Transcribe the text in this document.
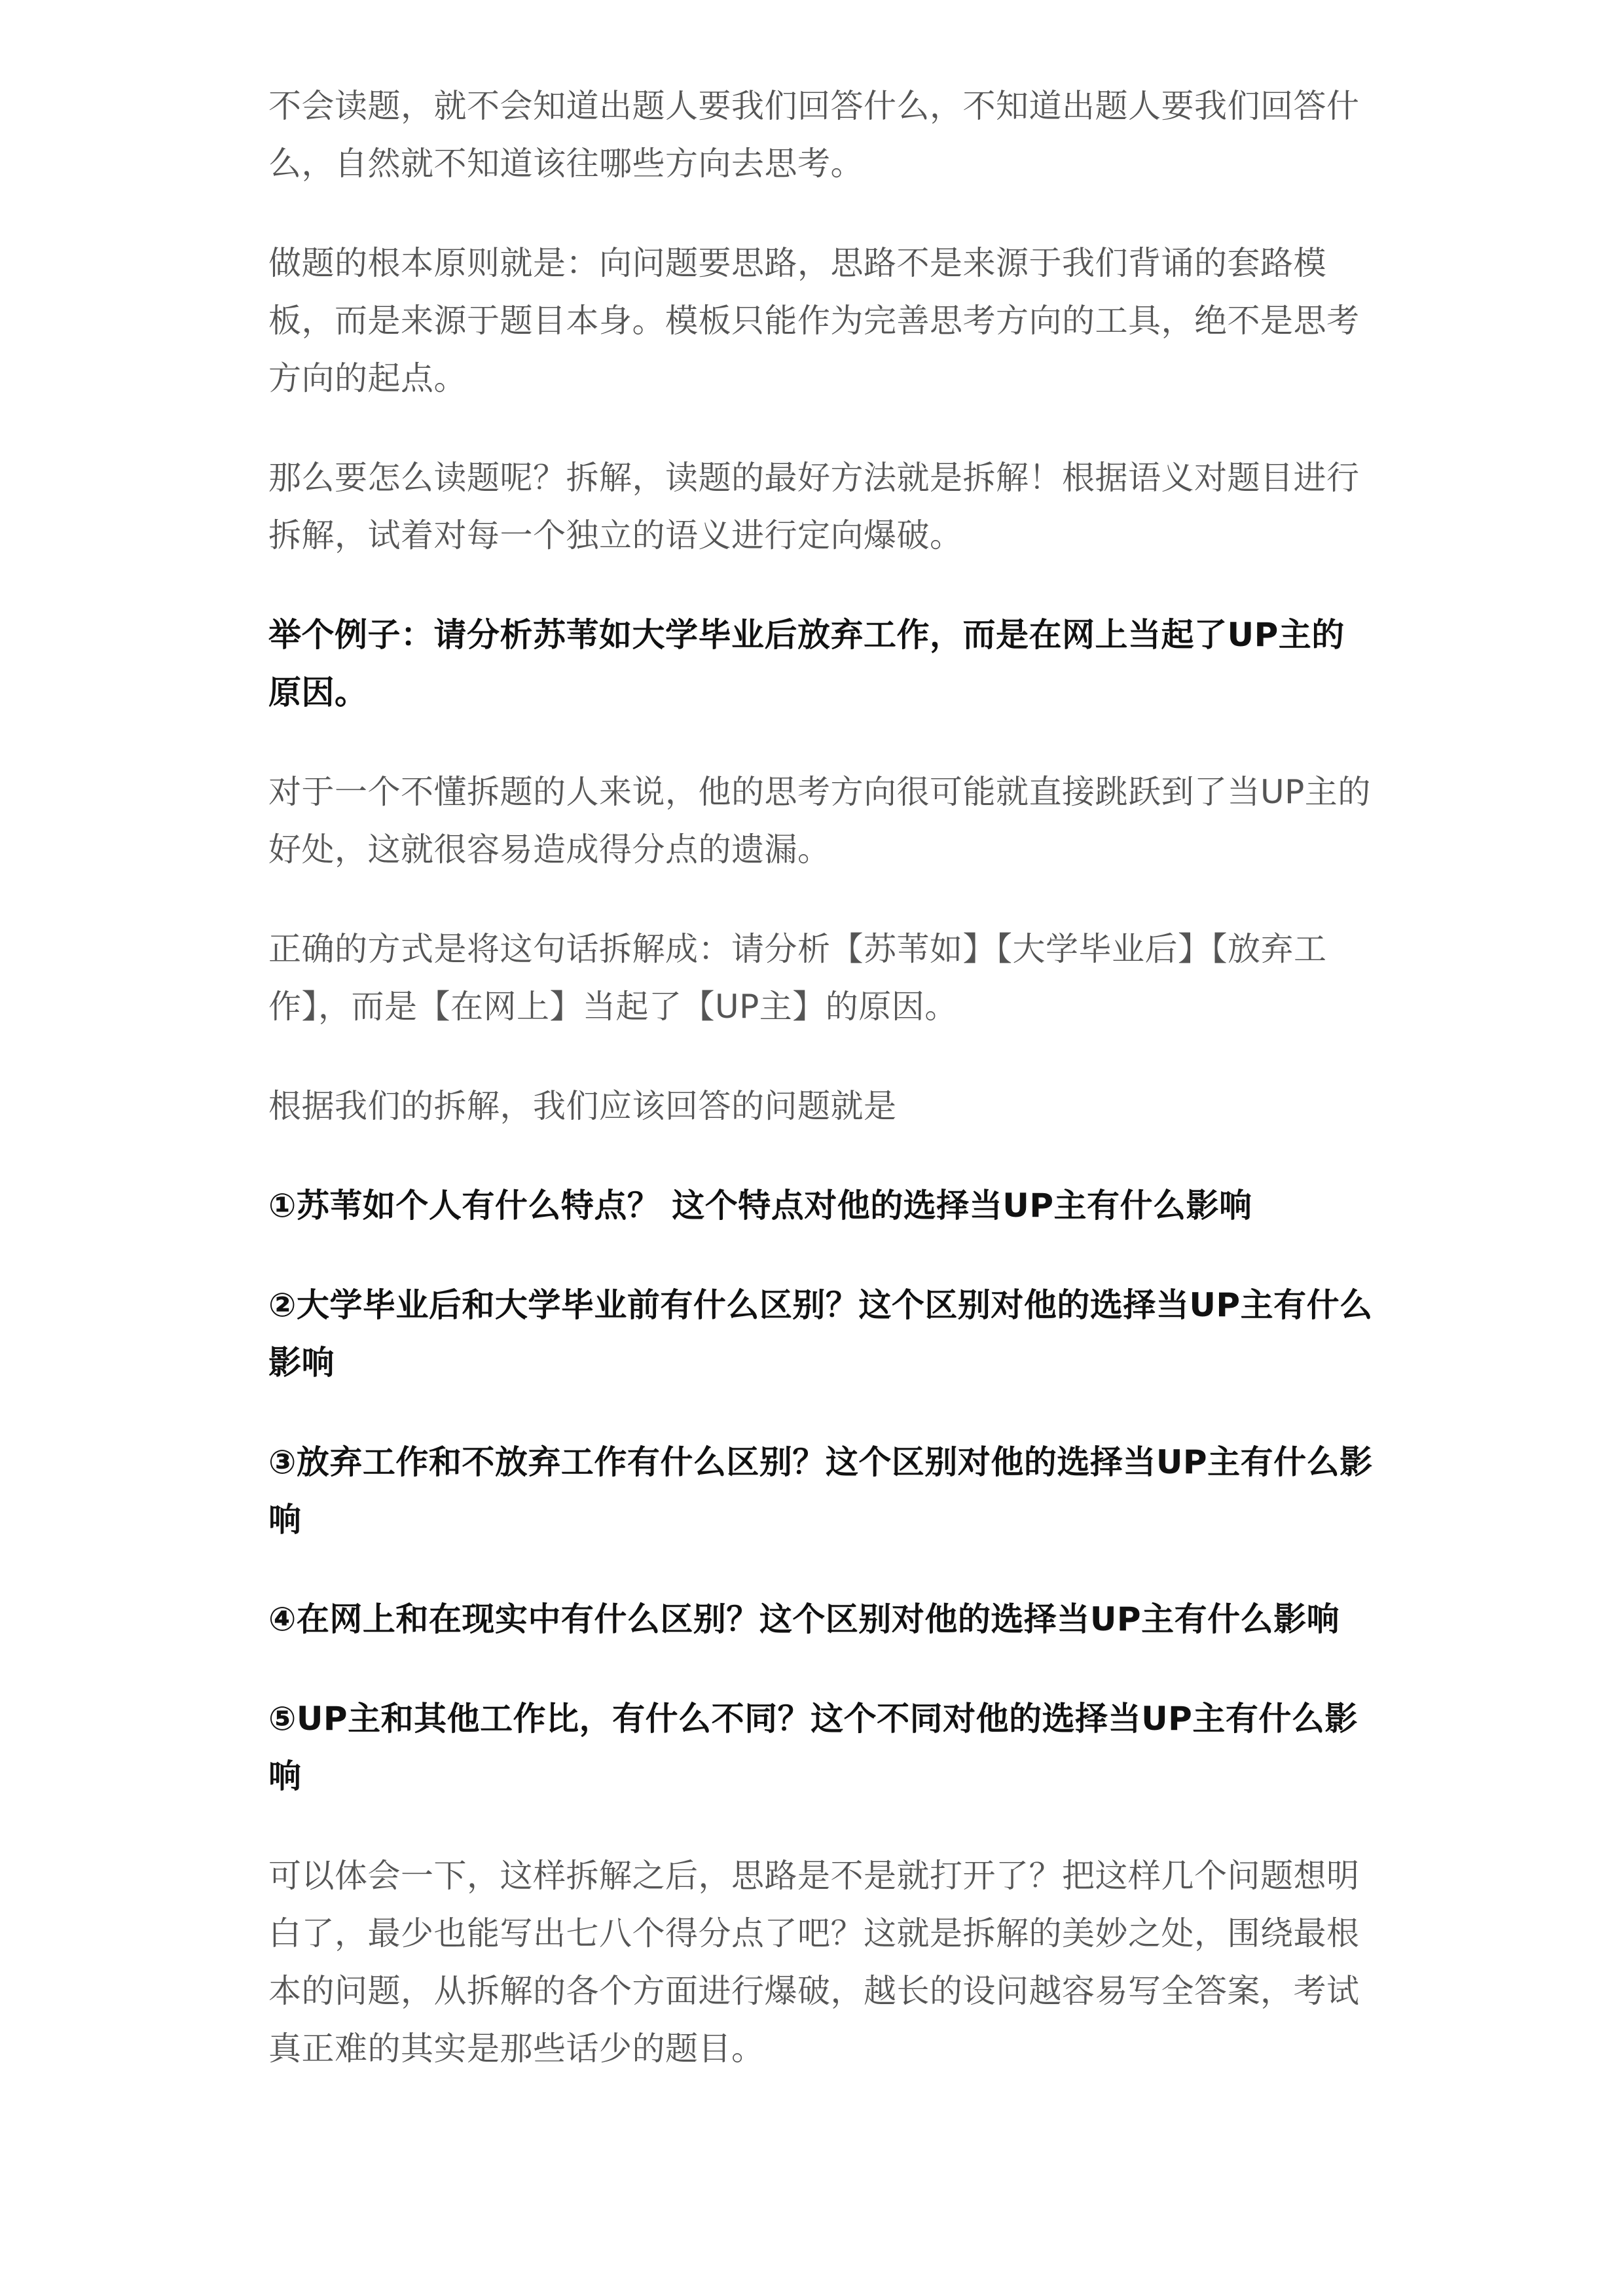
不会读题，就不会知道出题人要我们回答什么，不知道出题人要我们回答什么，自然就不知道该往哪些方向去思考。

做题的根本原则就是：向问题要思路，思路不是来源于我们背诵的套路模板，而是来源于题目本身。模板只能作为完善思考方向的工具，绝不是思考方向的起点。

那么要怎么读题呢？拆解，读题的最好方法就是拆解！根据语义对题目进行拆解，试着对每一个独立的语义进行定向爆破。

举个例子：请分析苏苇如大学毕业后放弃工作，而是在网上当起了UP主的原因。

对于一个不懂拆题的人来说，他的思考方向很可能就直接跳跃到了当UP主的好处，这就很容易造成得分点的遗漏。

正确的方式是将这句话拆解成：请分析【苏苇如】【大学毕业后】【放弃工作】，而是【在网上】当起了【UP主】的原因。

根据我们的拆解，我们应该回答的问题就是

①苏苇如个人有什么特点？ 这个特点对他的选择当UP主有什么影响

②大学毕业后和大学毕业前有什么区别？这个区别对他的选择当UP主有什么影响

③放弃工作和不放弃工作有什么区别？这个区别对他的选择当UP主有什么影响

④在网上和在现实中有什么区别？这个区别对他的选择当UP主有什么影响

⑤UP主和其他工作比，有什么不同？这个不同对他的选择当UP主有什么影响

可以体会一下，这样拆解之后，思路是不是就打开了？把这样几个问题想明白了，最少也能写出七八个得分点了吧？这就是拆解的美妙之处，围绕最根本的问题，从拆解的各个方面进行爆破，越长的设问越容易写全答案，考试真正难的其实是那些话少的题目。
